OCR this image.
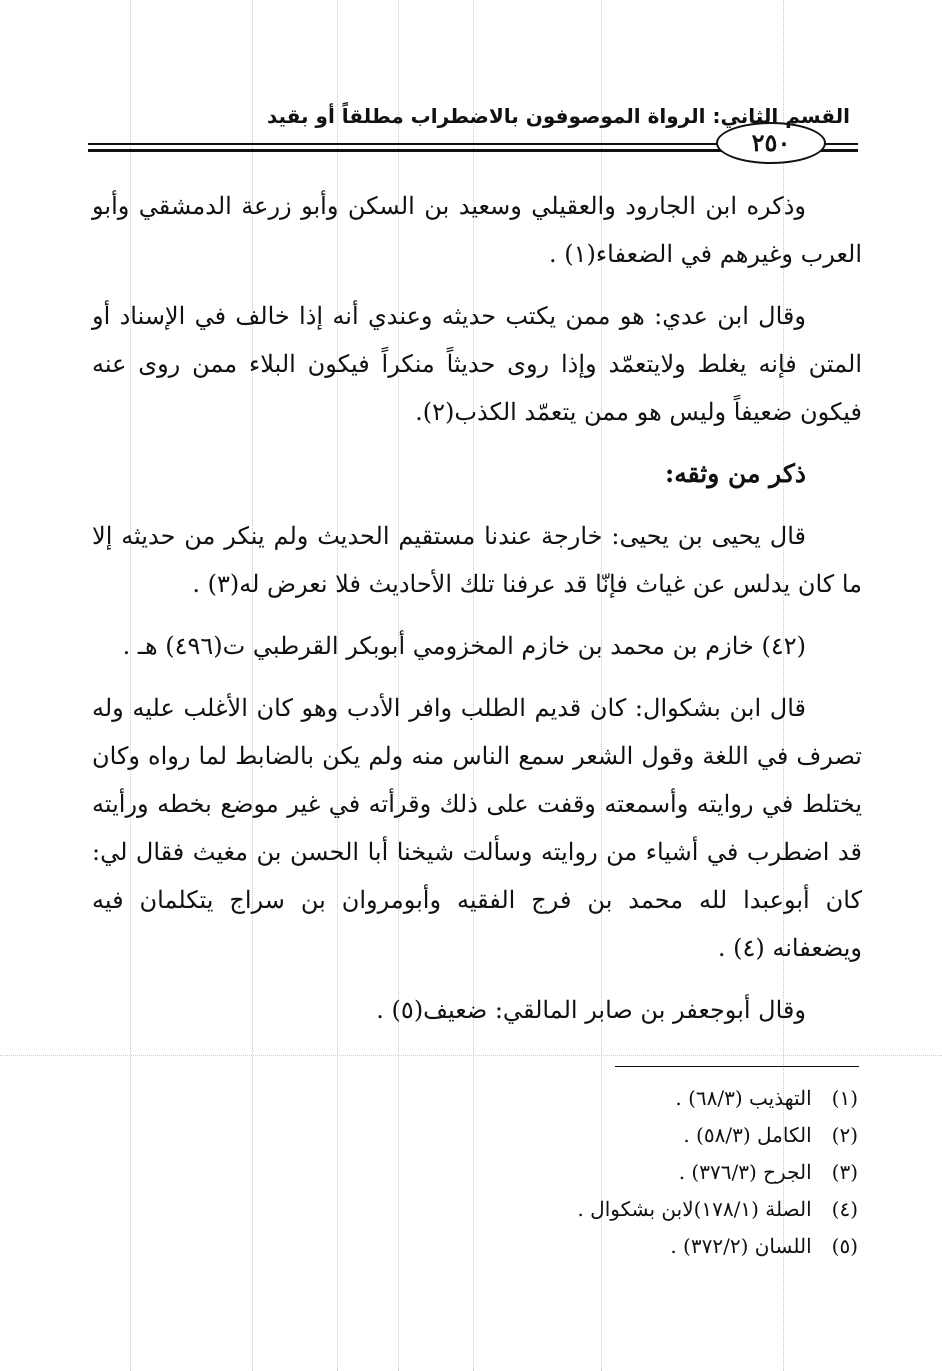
٢٥٠
القسم الثاني: الرواة الموصوفون بالاضطراب مطلقاً أو بقيد

وذكره ابن الجارود والعقيلي وسعيد بن السكن وأبو زرعة الدمشقي وأبو العرب وغيرهم في الضعفاء(١) .

وقال ابن عدي: هو ممن يكتب حديثه وعندي أنه إذا خالف في الإسناد أو المتن فإنه يغلط ولايتعمّد وإذا روى حديثاً منكراً فيكون البلاء ممن روى عنه فيكون ضعيفاً وليس هو ممن يتعمّد الكذب(٢).

ذكر من وثقه:

قال يحيى بن يحيى: خارجة عندنا مستقيم الحديث ولم ينكر من حديثه إلا ما كان يدلس عن غياث فإنّا قد عرفنا تلك الأحاديث فلا نعرض له(٣) .

(٤٢) خازم بن محمد بن خازم المخزومي أبوبكر القرطبي ت(٤٩٦) هـ .

قال ابن بشكوال: كان قديم الطلب وافر الأدب وهو كان الأغلب عليه وله تصرف في اللغة وقول الشعر سمع الناس منه ولم يكن بالضابط لما رواه وكان يختلط في روايته وأسمعته وقفت على ذلك وقرأته في غير موضع بخطه ورأيته قد اضطرب في أشياء من روايته وسألت شيخنا أبا الحسن بن مغيث فقال لي: كان أبوعبدا لله محمد بن فرج الفقيه وأبومروان بن سراج يتكلمان فيه ويضعفانه (٤) .

وقال أبوجعفر بن صابر المالقي: ضعيف(٥) .

(١) التهذيب (٦٨/٣) .
(٢) الكامل (٥٨/٣) .
(٣) الجرح (٣٧٦/٣) .
(٤) الصلة (١٧٨/١)لابن بشكوال .
(٥) اللسان (٣٧٢/٢) .
